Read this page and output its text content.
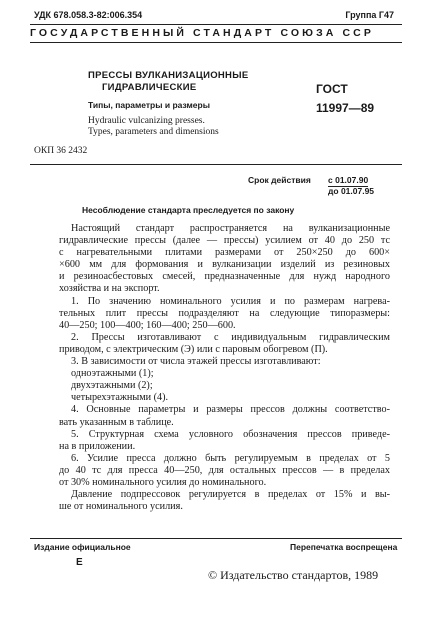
УДК 678.058.3-82:006.354	Группа Г47
ГОСУДАРСТВЕННЫЙ СТАНДАРТ СОЮЗА ССР
ПРЕССЫ ВУЛКАНИЗАЦИОННЫЕ
ГИДРАВЛИЧЕСКИЕ
Типы, параметры и размеры
Hydraulic vulcanizing presses.
Types, parameters and dimensions
ГОСТ
11997—89
ОКП 36 2432
Срок действия с 01.07.90
до 01.07.95
Несоблюдение стандарта преследуется по закону

Настоящий стандарт распространяется на вулканизационные

гидравлические прессы (далее — прессы) усилием от 40 до 250 тс

с нагревательными плитами размерами от 250×250 до 600×

×600 мм для формования и вулканизации изделий из резиновых

и резиноасбестовых смесей, предназначенные для нужд народного

хозяйства и на экспорт.

1. По значению номинального усилия и по размерам нагрева-

тельных плит прессы подразделяют на следующие типоразмеры:

40—250; 100—400; 160—400; 250—600.

2. Прессы изготавливают с индивидуальным гидравлическим

приводом, с электрическим (Э) или с паровым обогревом (П).

3. В зависимости от числа этажей прессы изготавливают:

одноэтажными (1);

двухэтажными (2);

четырехэтажными (4).

4. Основные параметры и размеры прессов должны соответство-

вать указанным в таблице.

5. Структурная схема условного обозначения прессов приведе-

на в приложении.

6. Усилие пресса должно быть регулируемым в пределах от 5

до 40 тс для пресса 40—250, для остальных прессов — в пределах

от 30% номинального усилия до номинального.

Давление подпрессовок регулируется в пределах от 15% и вы-

ше от номинального усилия.

Издание официальное	Перепечатка воспрещена
Е
© Издательство стандартов, 1989
